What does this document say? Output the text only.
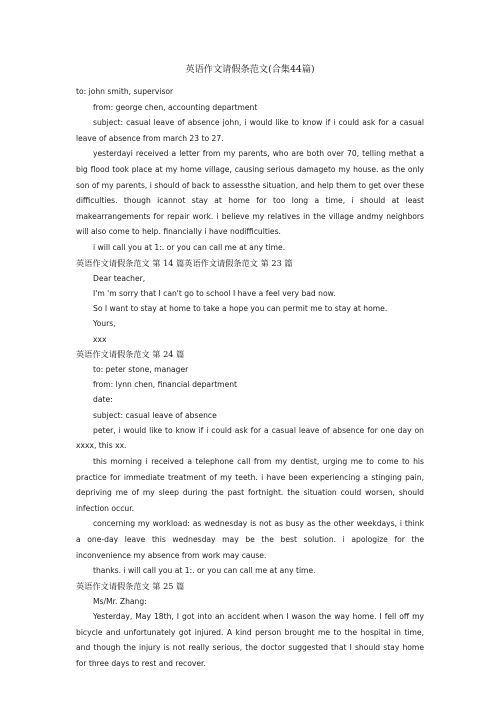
英语作文请假条范文(合集44篇)
to: john smith, supervisor
from: george chen, accounting department
subject: casual leave of absence john, i would like to know if i could ask for a casual leave of absence from march 23 to 27.
yesterdayi received a letter from my parents, who are both over 70, telling methat a big flood took place at my home village, causing serious damageto my house. as the only son of my parents, i should of back to assessthe situation, and help them to get over these difficulties. though icannot stay at home for too long a time, i should at least makearrangements for repair work. i believe my relatives in the village andmy neighbors will also come to help. financially i have nodifficulties.
i will call you at 1:. or you can call me at any time.
英语作文请假条范文 第 14 篇英语作文请假条范文 第 23 篇
Dear teacher,
I'm 'm sorry that I can't go to school I have a feel very bad now.
So I want to stay at home to take a hope you can permit me to stay at home.
Yours,
xxx
英语作文请假条范文 第 24 篇
to: peter stone, manager
from: lynn chen, financial department
date:
subject: casual leave of absence
peter, i would like to know if i could ask for a casual leave of absence for one day on xxxx, this xx.
this morning i received a telephone call from my dentist, urging me to come to his practice for immediate treatment of my teeth. i have been experiencing a stinging pain, depriving me of my sleep during the past fortnight. the situation could worsen, should infection occur.
concerning my workload: as wednesday is not as busy as the other weekdays, i think a one-day leave this wednesday may be the best solution. i apologize for the inconvenience my absence from work may cause.
thanks. i will call you at 1:. or you can call me at any time.
英语作文请假条范文 第 25 篇
Ms/Mr. Zhang:
Yesterday, May 18th, I got into an accident when I wason the way home. I fell off my bicycle and unfortunately got injured. A kind person brought me to the hospital in time, and though the injury is not really serious, the doctor suggested that I should stay home for three days to rest and recover.
